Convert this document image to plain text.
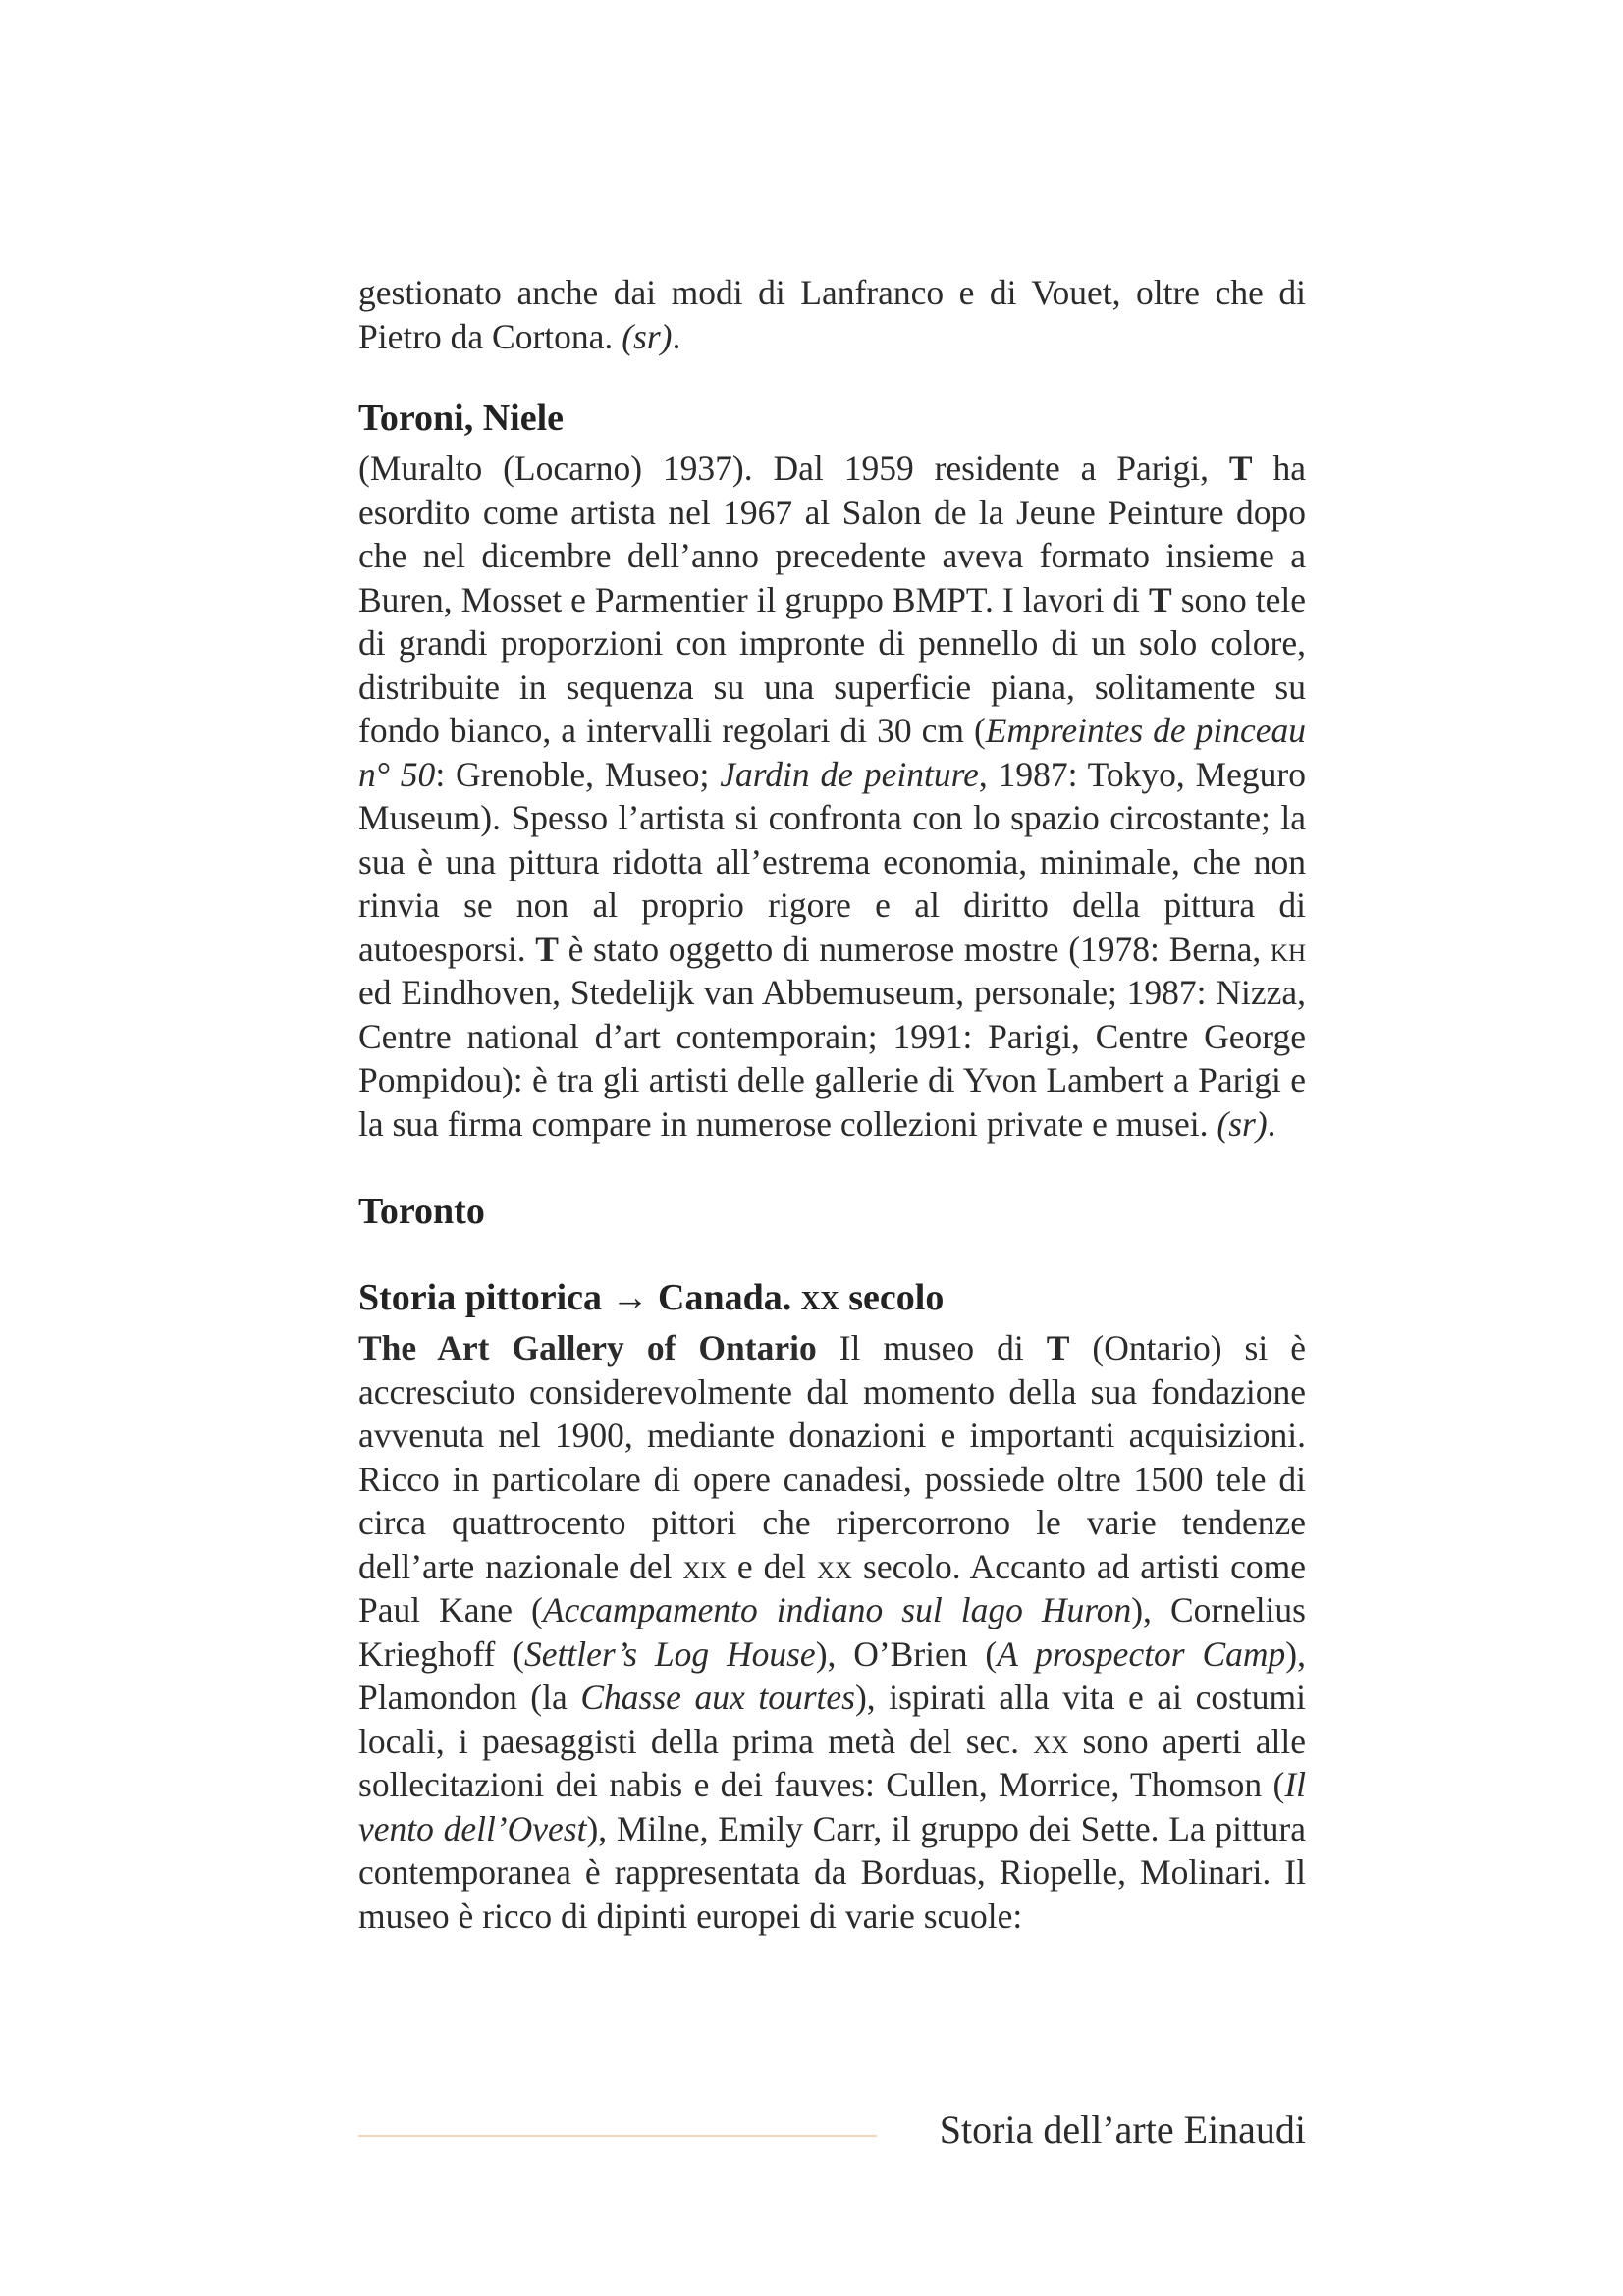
gestionato anche dai modi di Lanfranco e di Vouet, oltre che di Pietro da Cortona. (sr).

Toroni, Niele

(Muralto (Locarno) 1937). Dal 1959 residente a Parigi, T ha esordito come artista nel 1967 al Salon de la Jeune Peinture dopo che nel dicembre dell’anno precedente aveva formato insieme a Buren, Mosset e Parmentier il gruppo BMPT. I lavori di T sono tele di grandi proporzioni con impronte di pennello di un solo colore, distribuite in sequenza su una superficie piana, solitamente su fondo bianco, a intervalli regolari di 30 cm (Empreintes de pinceau n° 50: Grenoble, Museo; Jardin de peinture, 1987: Tokyo, Meguro Museum). Spesso l’artista si confronta con lo spazio circostante; la sua è una pittura ridotta all’estrema economia, minimale, che non rinvia se non al proprio rigore e al diritto della pittura di autoesporsi. T è stato oggetto di numerose mostre (1978: Berna, kh ed Eindhoven, Stedelijk van Abbemuseum, personale; 1987: Nizza, Centre national d’art contemporain; 1991: Parigi, Centre George Pompidou): è tra gli artisti delle gallerie di Yvon Lambert a Parigi e la sua firma compare in numerose collezioni private e musei. (sr).

Toronto
Storia pittorica → Canada. xx secolo

The Art Gallery of Ontario Il museo di T (Ontario) si è accresciuto considerevolmente dal momento della sua fondazione avvenuta nel 1900, mediante donazioni e importanti acquisizioni. Ricco in particolare di opere canadesi, possiede oltre 1500 tele di circa quattrocento pittori che ripercorrono le varie tendenze dell’arte nazionale del xix e del xx secolo. Accanto ad artisti come Paul Kane (Accampamento indiano sul lago Huron), Cornelius Krieghoff (Settler’s Log House), O’Brien (A prospector Camp), Plamondon (la Chasse aux tourtes), ispirati alla vita e ai costumi locali, i paesaggisti della prima metà del sec. xx sono aperti alle sollecitazioni dei nabis e dei fauves: Cullen, Morrice, Thomson (Il vento dell’Ovest), Milne, Emily Carr, il gruppo dei Sette. La pittura contemporanea è rappresentata da Borduas, Riopelle, Molinari. Il museo è ricco di dipinti europei di varie scuole:

Storia dell’arte Einaudi
